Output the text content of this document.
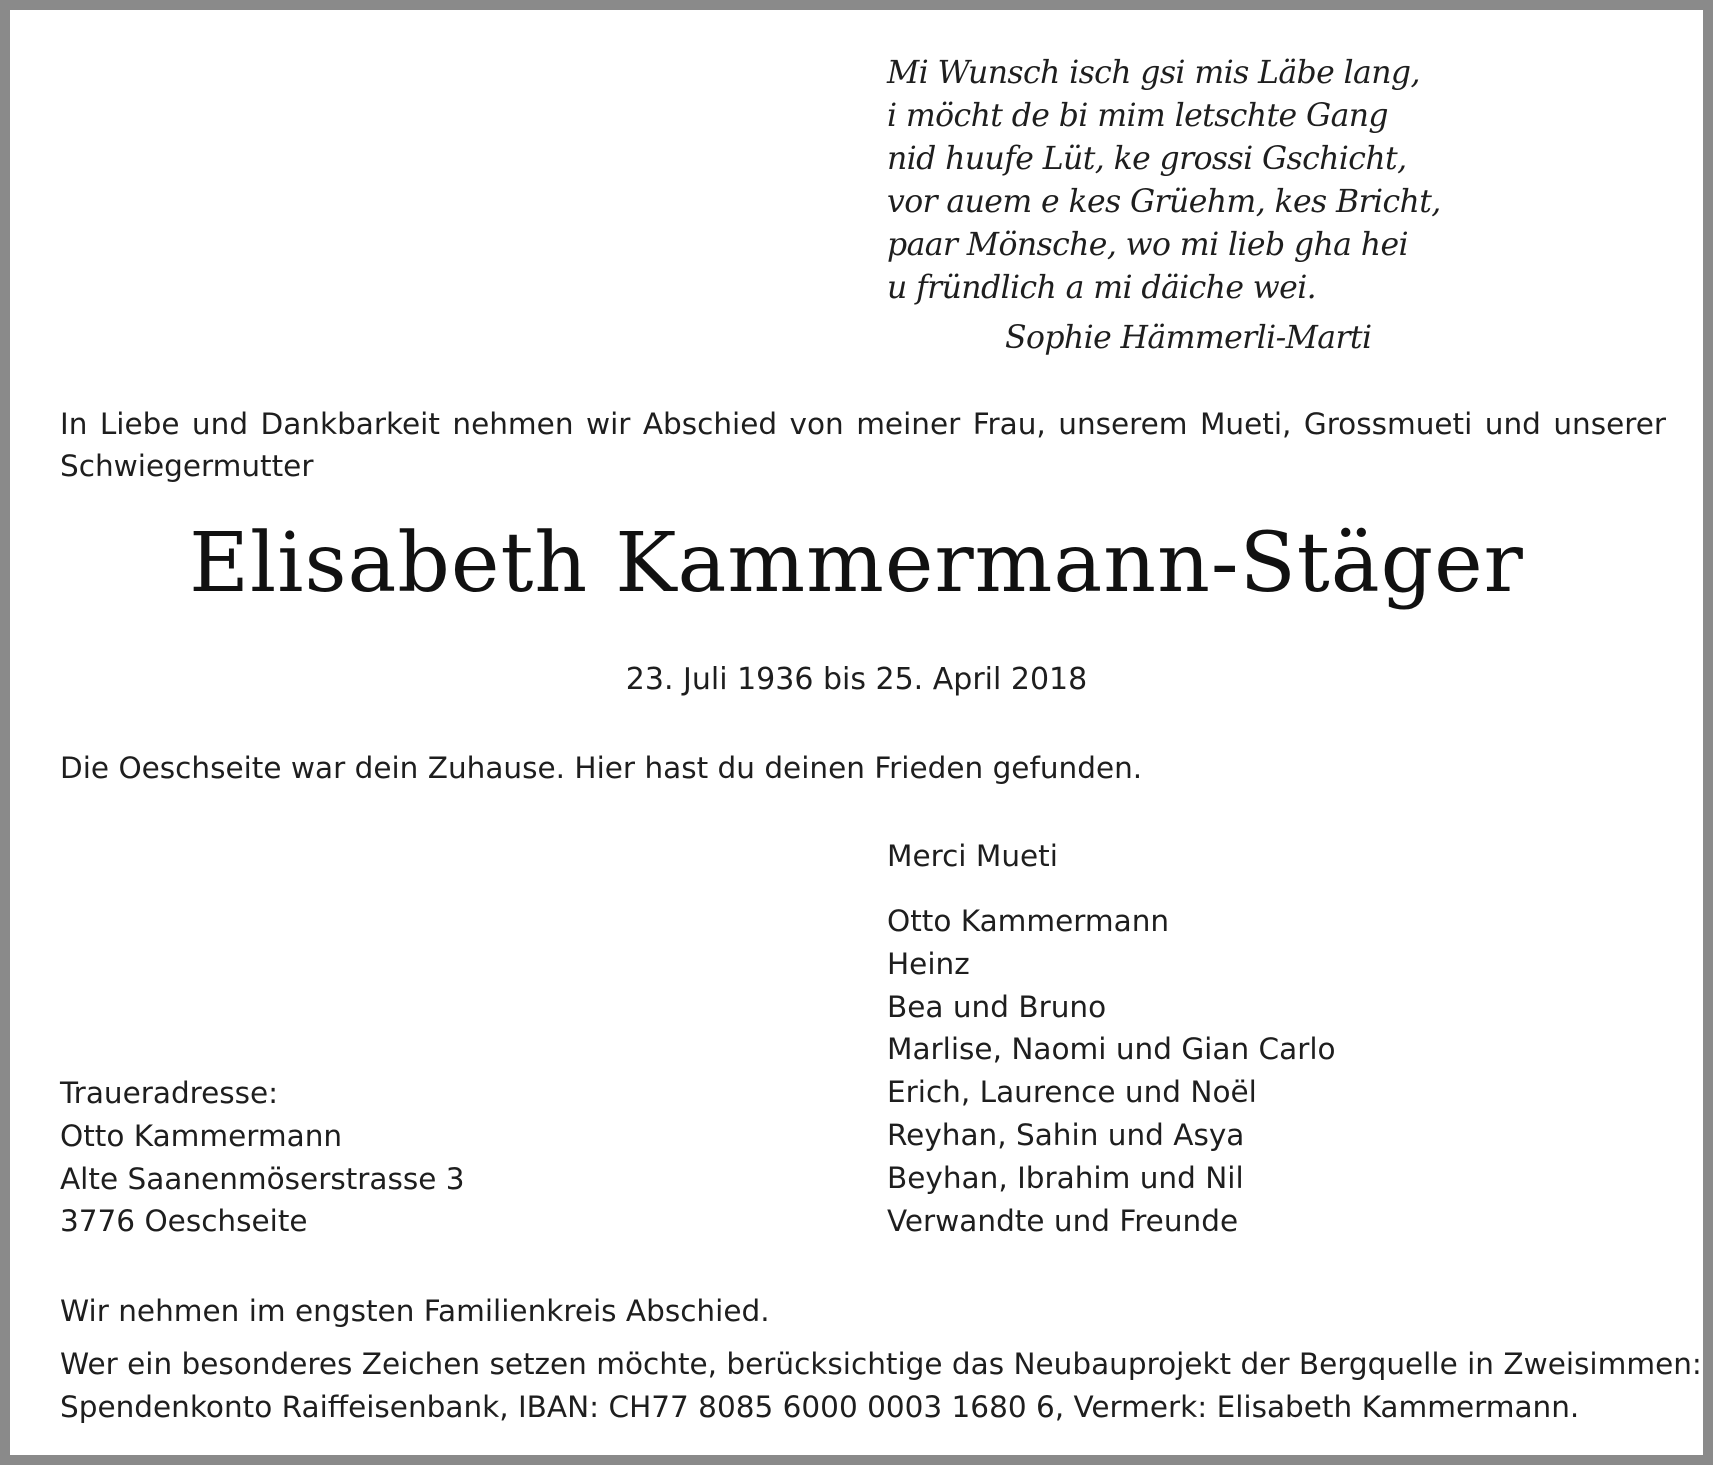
Mi Wunsch isch gsi mis Läbe lang,
i möcht de bi mim letschte Gang
nid huufe Lüt, ke grossi Gschicht,
vor auem e kes Grüehm, kes Bricht,
paar Mönsche, wo mi lieb gha hei
u fründlich a mi däiche wei.
Sophie Hämmerli-Marti
In Liebe und Dankbarkeit nehmen wir Abschied von meiner Frau, unserem Mueti, Grossmueti und unserer Schwiegermutter
Elisabeth Kammermann-Stäger
23. Juli 1936 bis 25. April 2018
Die Oeschseite war dein Zuhause. Hier hast du deinen Frieden gefunden.
Merci Mueti
Otto Kammermann
Heinz
Bea und Bruno
Marlise, Naomi und Gian Carlo
Erich, Laurence und Noël
Reyhan, Sahin und Asya
Beyhan, Ibrahim und Nil
Verwandte und Freunde
Traueradresse:
Otto Kammermann
Alte Saanenmöserstrasse 3
3776 Oeschseite
Wir nehmen im engsten Familienkreis Abschied.
Wer ein besonderes Zeichen setzen möchte, berücksichtige das Neubauprojekt der Bergquelle in Zweisimmen:
Spendenkonto Raiffeisenbank, IBAN: CH77 8085 6000 0003 1680 6, Vermerk: Elisabeth Kammermann.
